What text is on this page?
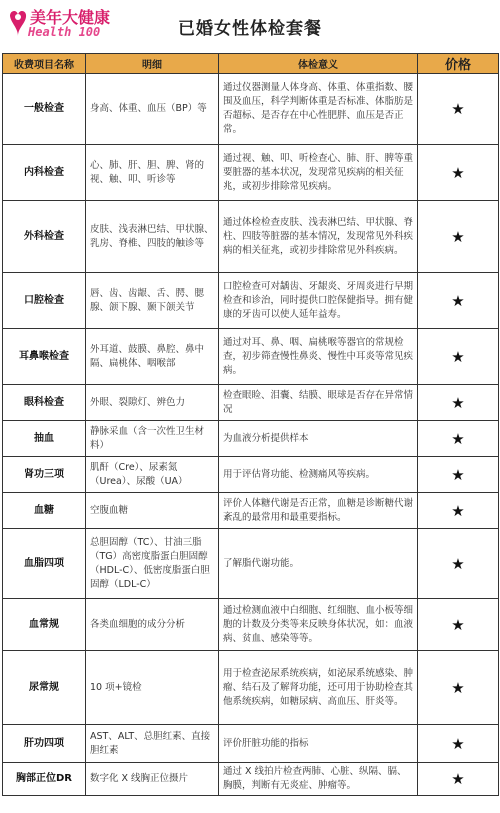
美年大健康
Health 100	已婚女性体检套餐
收费项目名称	明细	体检意义	价格
一般检查	身高、体重、血压（BP）等	通过仪器测量人体身高、体重、体重指数、腰围及血压，科学判断体重是否标准、体脂肪是否超标、是否存在中心性肥胖、血压是否正常。	★
内科检查	心、肺、肝、胆、脾、肾的视、触、叩、听诊等	通过视、触、叩、听检查心、肺、肝、脾等重要脏器的基本状况，发现常见疾病的相关征兆，或初步排除常见疾病。	★
外科检查	皮肤、浅表淋巴结、甲状腺、乳房、脊椎、四肢的触诊等	通过体检检查皮肤、浅表淋巴结、甲状腺、脊柱、四肢等脏器的基本情况，发现常见外科疾病的相关征兆，或初步排除常见外科疾病。	★
口腔检查	唇、齿、齿龈、舌、腭、腮腺、颌下腺、颞下颌关节	口腔检查可对龋齿、牙龈炎、牙周炎进行早期检查和诊治，同时提供口腔保健指导。拥有健康的牙齿可以使人延年益寿。	★
耳鼻喉检查	外耳道、鼓膜、鼻腔、鼻中隔、扁桃体、咽喉部	通过对耳、鼻、咽、扁桃喉等器官的常规检查，初步筛查慢性鼻炎、慢性中耳炎等常见疾病。	★
眼科检查	外眼、裂隙灯、辨色力	检查眼睑、泪囊、结膜、眼球是否存在异常情况	★
抽血	静脉采血（含一次性卫生材料）	为血液分析提供样本	★
肾功三项	肌酐（Cre）、尿素氮（Urea）、尿酸（UA）	用于评估肾功能、检测痛风等疾病。	★
血糖	空腹血糖	评价人体糖代谢是否正常，血糖是诊断糖代谢紊乱的最常用和最重要指标。	★
血脂四项	总胆固醇（TC）、甘油三脂（TG）高密度脂蛋白胆固醇（HDL-C）、低密度脂蛋白胆固醇（LDL-C）	了解脂代谢功能。	★
血常规	各类血细胞的成分分析	通过检测血液中白细胞、红细胞、血小板等细胞的计数及分类等来反映身体状况，如：血液病、贫血、感染等等。	★
尿常规	10 项+镜检	用于检查泌尿系统疾病，如泌尿系统感染、肿瘤、结石及了解肾功能，还可用于协助检查其他系统疾病，如糖尿病、高血压、肝炎等。	★
肝功四项	AST、ALT、总胆红素、直接胆红素	评价肝脏功能的指标	★
胸部正位DR	数字化 X 线胸正位摄片	通过 X 线拍片检查两肺、心脏、纵隔、膈、胸膜，判断有无炎症、肿瘤等。	★
